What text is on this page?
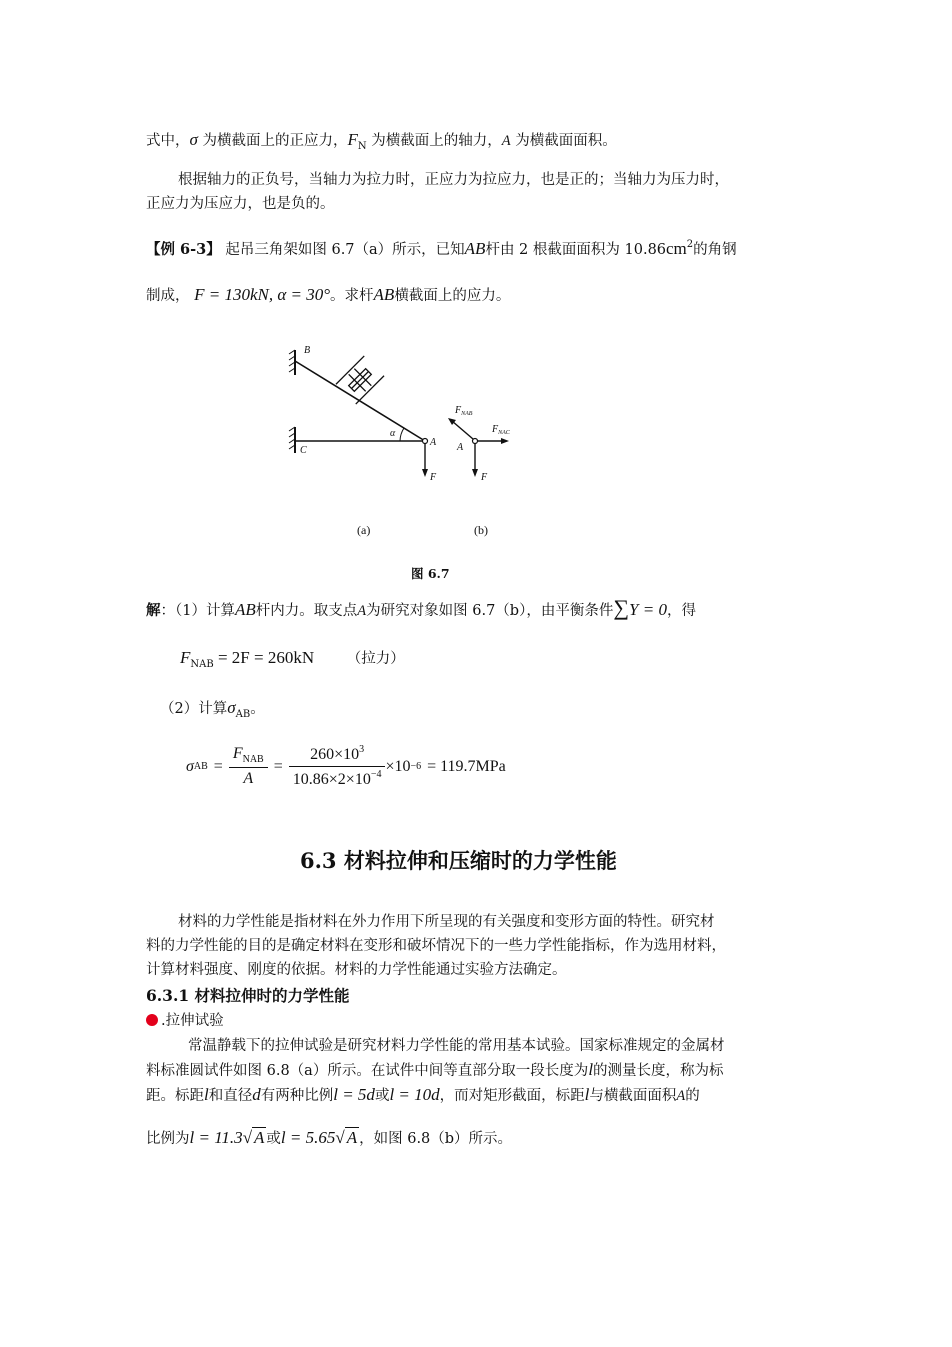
式中，σ 为横截面上的正应力，$F_N$ 为横截面上的轴力，A 为横截面面积。
根据轴力的正负号，当轴力为拉力时，正应力为拉应力，也是正的；当轴力为压力时，
正应力为压应力，也是负的。
【例 6-3】 起吊三角架如图 6.7（a）所示，已知AB杆由 2 根截面面积为 $10.86cm^2$的角钢
制成， F = 130kN, α = 30°。求杆AB横截面上的应力。
B
C
α
A
F
$F_{NAB}$
$F_{NAC}$
A
F
(a)	(b)
图 6.7
解：（1）计算AB杆内力。取支点A为研究对象如图 6.7（b），由平衡条件∑Y = 0，得
$F_{NAB} = 2F = 260kN$ （拉力）
（2）计算$\sigma_{AB}$。
σ AB = $\frac{F_{NAB}}{A} = \frac{260\times 10^3}{10.86\times 2\times 10^{-4}} \times 10 -6 = 119.7MPa$
6.3 材料拉伸和压缩时的力学性能
材料的力学性能是指材料在外力作用下所呈现的有关强度和变形方面的特性。研究材
料的力学性能的目的是确定材料在变形和破坏情况下的一些力学性能指标，作为选用材料，
计算材料强度、刚度的依据。材料的力学性能通过实验方法确定。
6.3.1 材料拉伸时的力学性能
.拉伸试验
常温静载下的拉伸试验是研究材料力学性能的常用基本试验。国家标准规定的金属材
料标准圆试件如图 6.8（a）所示。在试件中间等直部分取一段长度为l的测量长度，称为标
距。标距l和直径d有两种比例l = 5d或l = 10d，而对矩形截面，标距l与横截面面积A的
比例为l = 11.3√ A 或l = 5.65√ A ，如图 6.8（b）所示。
